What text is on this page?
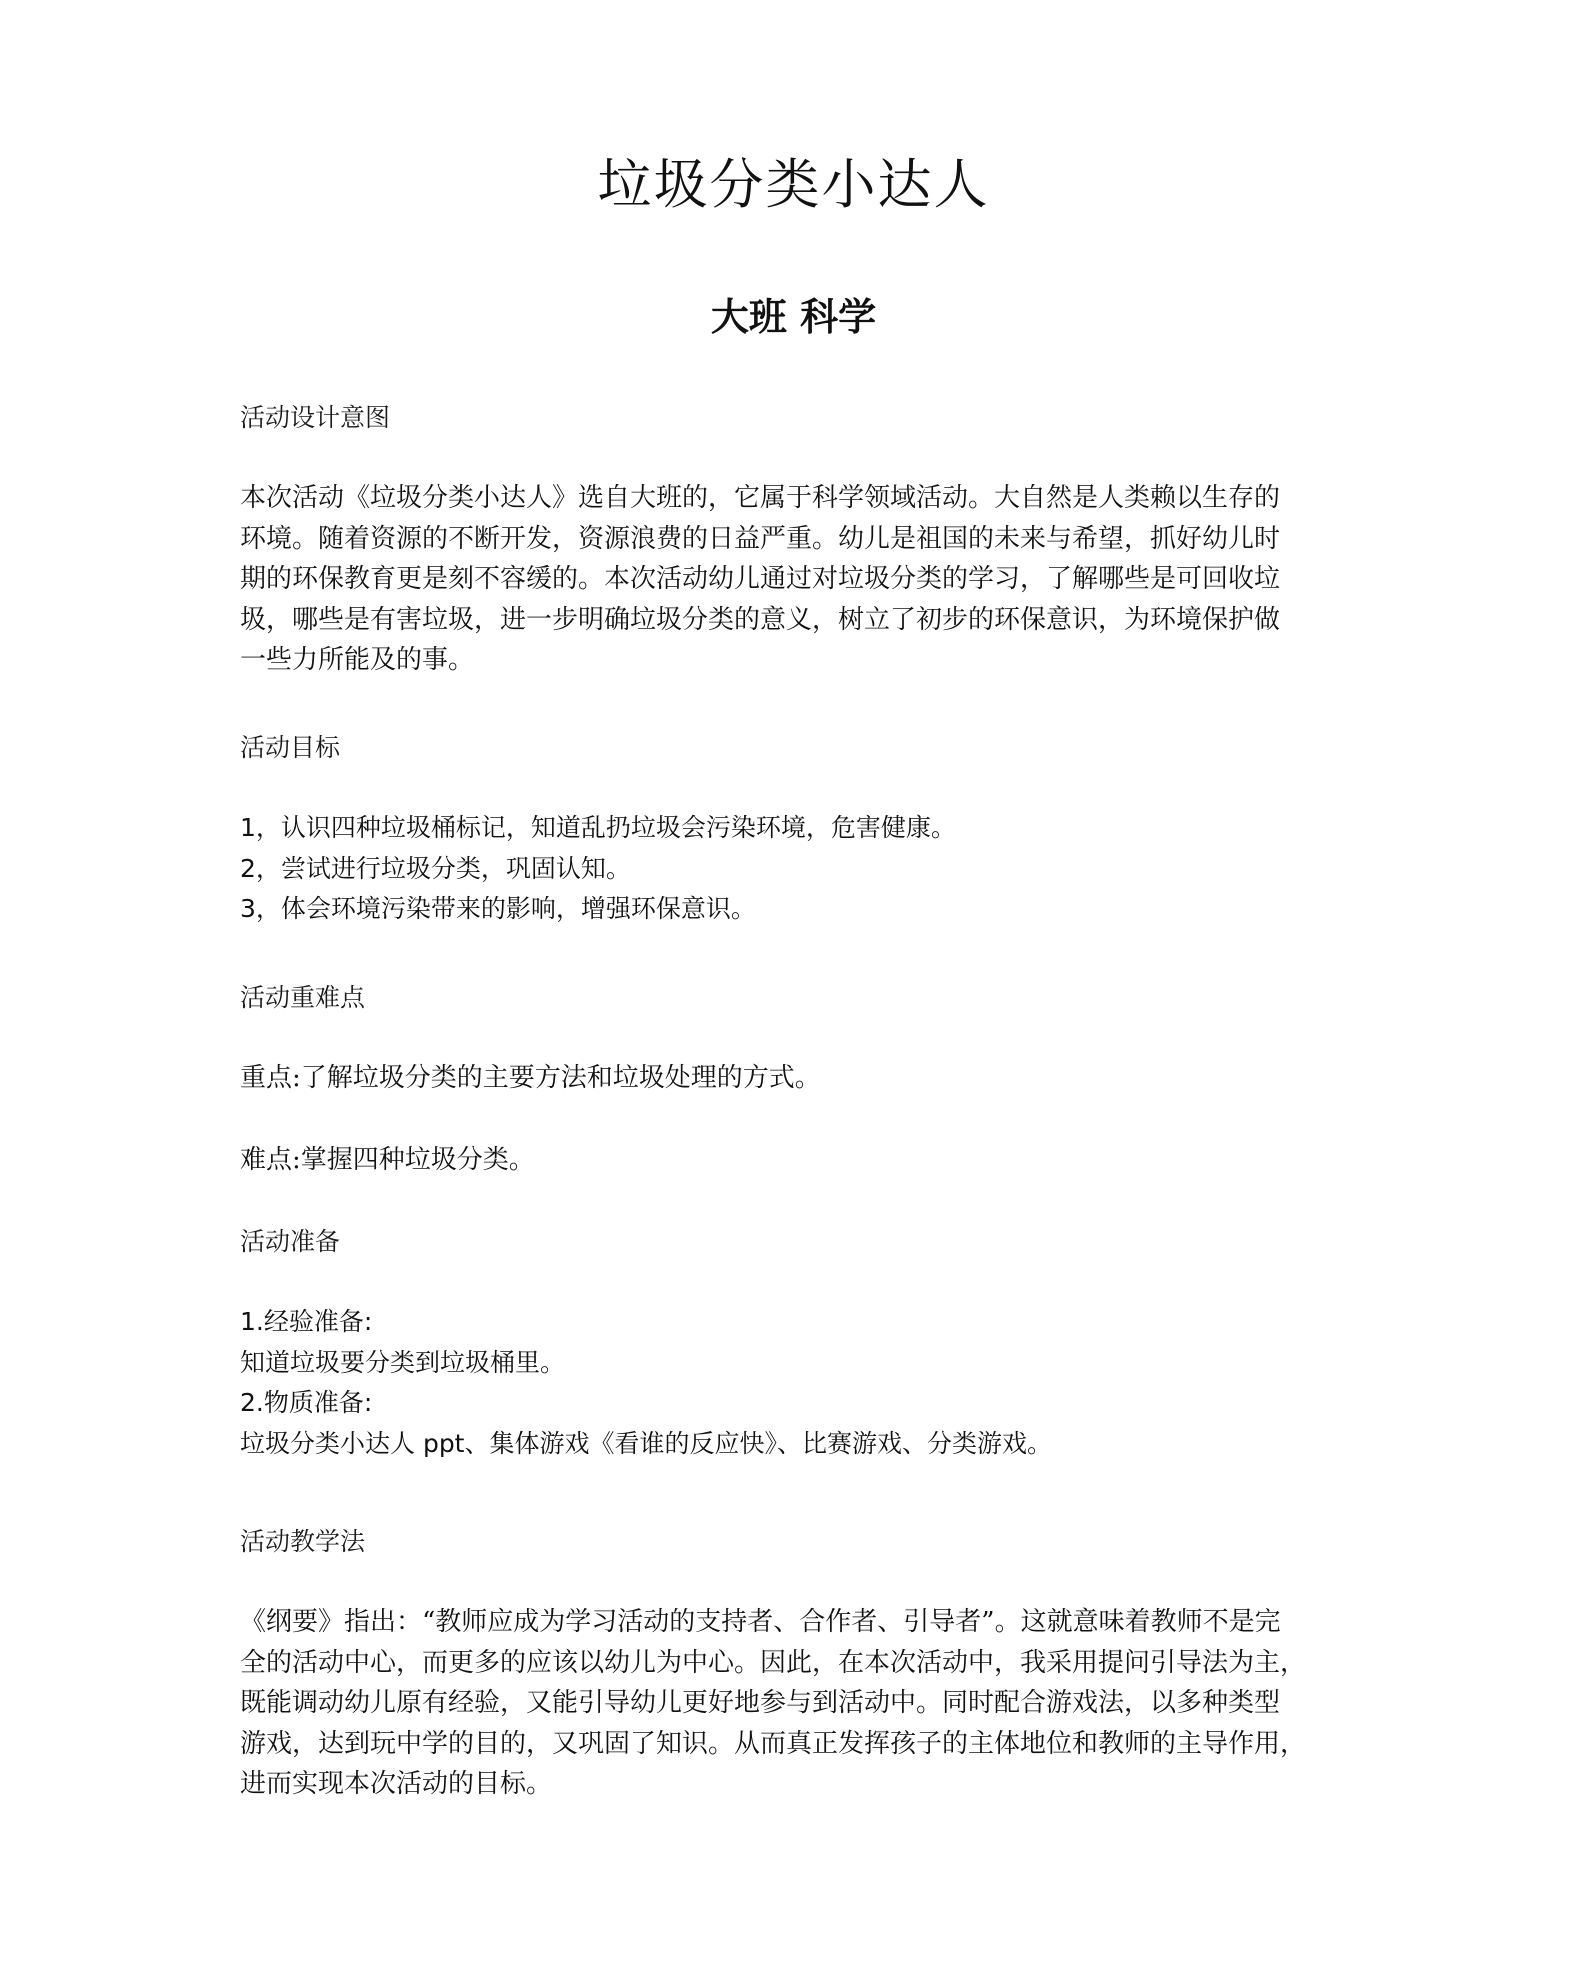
垃圾分类小达人
大班 科学
活动设计意图
本次活动《垃圾分类小达人》选自大班的，它属于科学领域活动。大自然是人类赖以生存的
环境。随着资源的不断开发，资源浪费的日益严重。幼儿是祖国的未来与希望，抓好幼儿时
期的环保教育更是刻不容缓的。本次活动幼儿通过对垃圾分类的学习，了解哪些是可回收垃
圾，哪些是有害垃圾，进一步明确垃圾分类的意义，树立了初步的环保意识，为环境保护做
一些力所能及的事。
活动目标
1，认识四种垃圾桶标记，知道乱扔垃圾会污染环境，危害健康。
2，尝试进行垃圾分类，巩固认知。
3，体会环境污染带来的影响，增强环保意识。
活动重难点
重点:了解垃圾分类的主要方法和垃圾处理的方式。
难点:掌握四种垃圾分类。
活动准备
1.经验准备:
知道垃圾要分类到垃圾桶里。
2.物质准备:
垃圾分类小达人 ppt、集体游戏《看谁的反应快》、比赛游戏、分类游戏。
活动教学法
《纲要》指出：“教师应成为学习活动的支持者、合作者、引导者”。这就意味着教师不是完
全的活动中心，而更多的应该以幼儿为中心。因此，在本次活动中，我采用提问引导法为主，
既能调动幼儿原有经验，又能引导幼儿更好地参与到活动中。同时配合游戏法，以多种类型
游戏，达到玩中学的目的，又巩固了知识。从而真正发挥孩子的主体地位和教师的主导作用，
进而实现本次活动的目标。
